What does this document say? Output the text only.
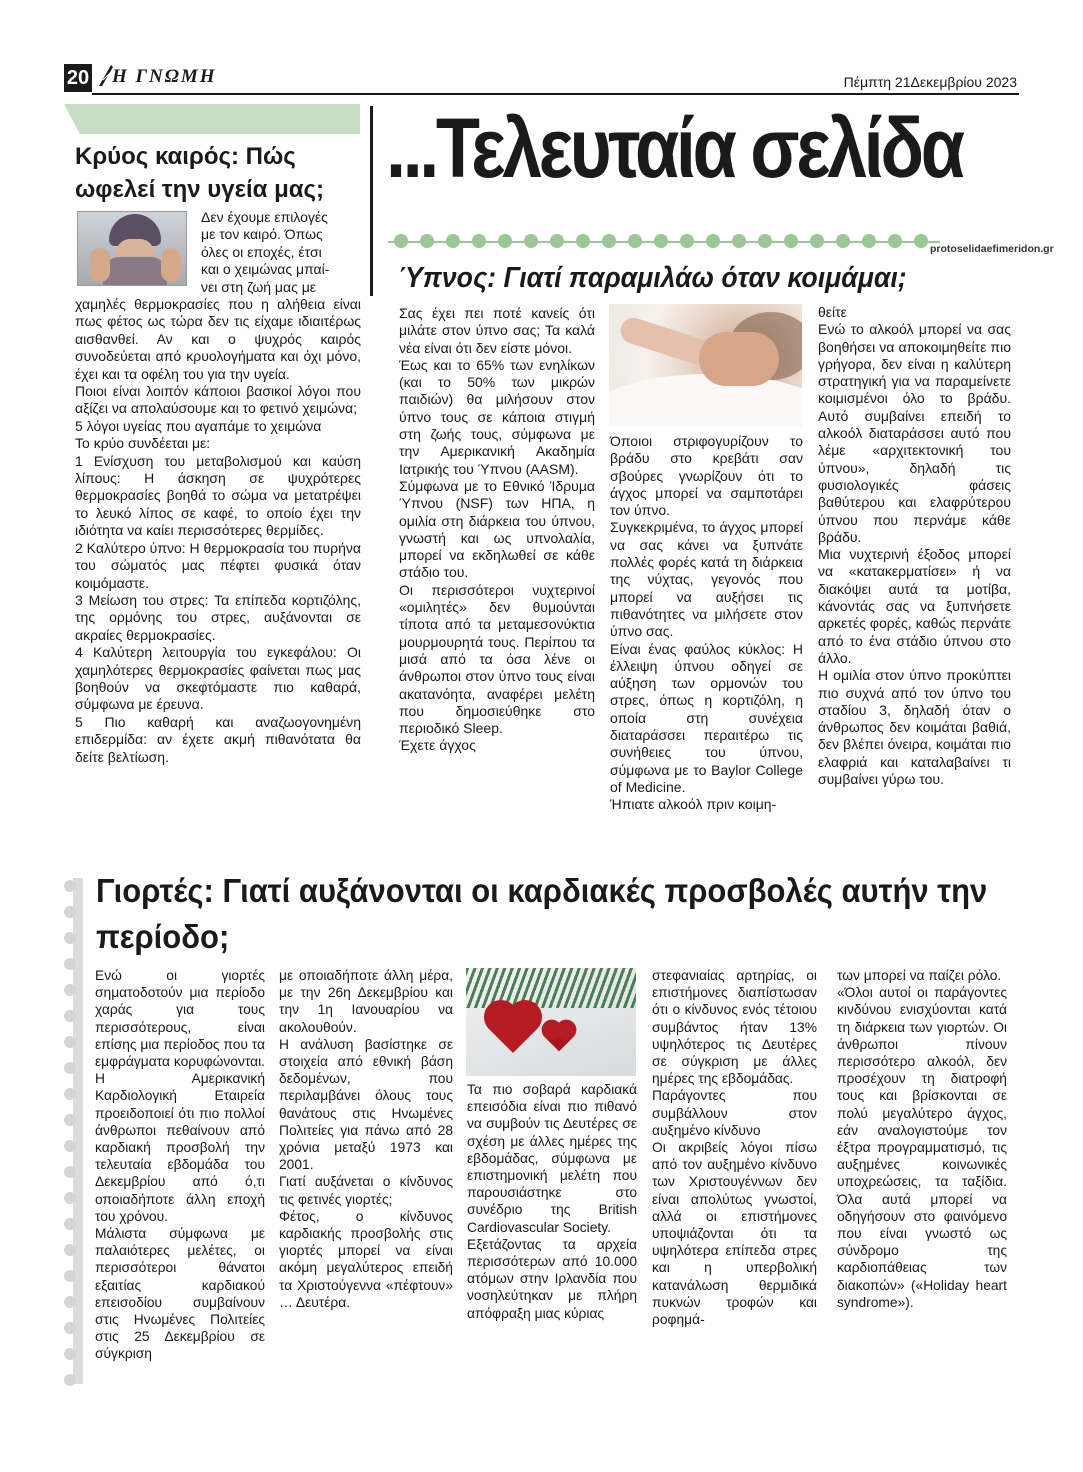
20 Η ΓΝΩΜΗ	Πέμπτη 21Δεκεμβρίου 2023
Κρύος καιρός: Πώς ωφελεί την υγεία μας;

Δεν έχουμε επιλογές

με τον καιρό. Όπως

όλες οι εποχές, έτσι

και ο χειμώνας μπαί-

νει στη ζωή μας με

χαμηλές θερμοκρασίες που η αλήθεια είναι πως φέτος ως τώρα δεν τις είχαμε ιδιαιτέρως αισθανθεί. Αν και ο ψυχρός καιρός συνοδεύεται από κρυολογήματα και όχι μόνο, έχει και τα οφέλη του για την υγεία.

Ποιοι είναι λοιπόν κάποιοι βασικοί λόγοι που αξίζει να απολαύσουμε και το φετινό χειμώνα;

5 λόγοι υγείας που αγαπάμε το χειμώνα

Το κρύο συνδέεται με:

1 Ενίσχυση του μεταβολισμού και καύση λίπους: Η άσκηση σε ψυχρότερες θερμοκρασίες βοηθά το σώμα να μετατρέψει το λευκό λίπος σε καφέ, το οποίο έχει την ιδιότητα να καίει περισσότερες θερμίδες.

2 Καλύτερο ύπνο: Η θερμοκρασία του πυρήνα του σώματός μας πέφτει φυσικά όταν κοιμόμαστε.

3 Μείωση του στρες: Τα επίπεδα κορτιζόλης, της ορμόνης του στρες, αυξάνονται σε ακραίες θερμοκρασίες.

4 Καλύτερη λειτουργία του εγκεφάλου: Οι χαμηλότερες θερμοκρασίες φαίνεται πως μας βοηθούν να σκεφτόμαστε πιο καθαρά, σύμφωνα με έρευνα.

5 Πιο καθαρή και αναζωογονημένη επιδερμίδα: αν έχετε ακμή πιθανότατα θα δείτε βελτίωση.

...Τελευταία σελίδα
protoselidaefimeridon.gr
Ύπνος: Γιατί παραμιλάω όταν κοιμάμαι;

Σας έχει πει ποτέ κανείς ότι μιλάτε στον ύπνο σας; Τα καλά νέα είναι ότι δεν είστε μόνοι.

Έως και το 65% των ενηλίκων (και το 50% των μικρών παιδιών) θα μιλήσουν στον ύπνο τους σε κάποια στιγμή στη ζωής τους, σύμφωνα με την Αμερικανική Ακαδημία Ιατρικής του Ύπνου (AASM).

Σύμφωνα με το Εθνικό Ίδρυμα Ύπνου (NSF) των ΗΠΑ, η ομιλία στη διάρκεια του ύπνου, γνωστή και ως υπνολαλία, μπορεί να εκδηλωθεί σε κάθε στάδιο του.

Οι περισσότεροι νυχτερινοί «ομιλητές» δεν θυμούνται τίποτα από τα μεταμεσονύκτια μουρμουρητά τους. Περίπου τα μισά από τα όσα λένε οι άνθρωποι στον ύπνο τους είναι ακατανόητα, αναφέρει μελέτη που δημοσιεύθηκε στο περιοδικό Sleep.

Έχετε άγχος

Όποιοι στριφογυρίζουν το βράδυ στο κρεβάτι σαν σβούρες γνωρίζουν ότι το άγχος μπορεί να σαμποτάρει τον ύπνο.

Συγκεκριμένα, το άγχος μπορεί να σας κάνει να ξυπνάτε πολλές φορές κατά τη διάρκεια της νύχτας, γεγονός που μπορεί να αυξήσει τις πιθανότητες να μιλήσετε στον ύπνο σας.

Είναι ένας φαύλος κύκλος: Η έλλειψη ύπνου οδηγεί σε αύξηση των ορμονών του στρες, όπως η κορτιζόλη, η οποία στη συνέχεια διαταράσσει περαιτέρω τις συνήθειες του ύπνου, σύμφωνα με το Baylor College of Medicine.

Ήπιατε αλκοόλ πριν κοιμη-

θείτε

Ενώ το αλκοόλ μπορεί να σας βοηθήσει να αποκοιμηθείτε πιο γρήγορα, δεν είναι η καλύτερη στρατηγική για να παραμείνετε κοιμισμένοι όλο το βράδυ. Αυτό συμβαίνει επειδή το αλκοόλ διαταράσσει αυτό που λέμε «αρχιτεκτονική του ύπνου», δηλαδή τις φυσιολογικές φάσεις βαθύτερου και ελαφρύτερου ύπνου που περνάμε κάθε βράδυ.

Μια νυχτερινή έξοδος μπορεί να «κατακερματίσει» ή να διακόψει αυτά τα μοτίβα, κάνοντάς σας να ξυπνήσετε αρκετές φορές, καθώς περνάτε από το ένα στάδιο ύπνου στο άλλο.

Η ομιλία στον ύπνο προκύπτει πιο συχνά από τον ύπνο του σταδίου 3, δηλαδή όταν ο άνθρωπος δεν κοιμάται βαθιά, δεν βλέπει όνειρα, κοιμάται πιο ελαφριά και καταλαβαίνει τι συμβαίνει γύρω του.

Γιορτές: Γιατί αυξάνονται οι καρδιακές προσβολές αυτήν την περίοδο;

Ενώ οι γιορτές σηματοδοτούν μια περίοδο χαράς για τους περισσότερους, είναι επίσης μια περίοδος που τα εμφράγματα κορυφώνονται. Η Αμερικανική Καρδιολογική Εταιρεία προειδοποιεί ότι πιο πολλοί άνθρωποι πεθαίνουν από καρδιακή προσβολή την τελευταία εβδομάδα του Δεκεμβρίου από ό,τι οποιαδήποτε άλλη εποχή του χρόνου.

Μάλιστα σύμφωνα με παλαιότερες μελέτες, οι περισσότεροι θάνατοι εξαιτίας καρδιακού επεισοδίου συμβαίνουν στις Ηνωμένες Πολιτείες στις 25 Δεκεμβρίου σε σύγκριση

με οποιαδήποτε άλλη μέρα, με την 26η Δεκεμβρίου και την 1η Ιανουαρίου να ακολουθούν.

Η ανάλυση βασίστηκε σε στοιχεία από εθνική βάση δεδομένων, που περιλαμβάνει όλους τους θανάτους στις Ηνωμένες Πολιτείες για πάνω από 28 χρόνια μεταξύ 1973 και 2001.

Γιατί αυξάνεται ο κίνδυνος τις φετινές γιορτές;

Φέτος, ο κίνδυνος καρδιακής προσβολής στις γιορτές μπορεί να είναι ακόμη μεγαλύτερος επειδή τα Χριστούγεννα «πέφτουν» … Δευτέρα.

Τα πιο σοβαρά καρδιακά επεισόδια είναι πιο πιθανό να συμβούν τις Δευτέρες σε σχέση με άλλες ημέρες της εβδομάδας, σύμφωνα με επιστημονική μελέτη που παρουσιάστηκε στο συνέδριο της British Cardiovascular Society.

Εξετάζοντας τα αρχεία περισσότερων από 10.000 ατόμων στην Ιρλανδία που νοσηλεύτηκαν με πλήρη απόφραξη μιας κύριας

στεφανιαίας αρτηρίας, οι επιστήμονες διαπίστωσαν ότι ο κίνδυνος ενός τέτοιου συμβάντος ήταν 13% υψηλότερος τις Δευτέρες σε σύγκριση με άλλες ημέρες της εβδομάδας.

Παράγοντες που συμβάλλουν στον αυξημένο κίνδυνο

Οι ακριβείς λόγοι πίσω από τον αυξημένο κίνδυνο των Χριστουγέννων δεν είναι απολύτως γνωστοί, αλλά οι επιστήμονες υποψιάζονται ότι τα υψηλότερα επίπεδα στρες και η υπερβολική κατανάλωση θερμιδικά πυκνών τροφών και ροφημά-

των μπορεί να παίζει ρόλο.

«Όλοι αυτοί οι παράγοντες κινδύνου ενισχύονται κατά τη διάρκεια των γιορτών. Οι άνθρωποι πίνουν περισσότερο αλκοόλ, δεν προσέχουν τη διατροφή τους και βρίσκονται σε πολύ μεγαλύτερο άγχος, εάν αναλογιστούμε τον έξτρα προγραμματισμό, τις αυξημένες κοινωνικές υποχρεώσεις, τα ταξίδια. Όλα αυτά μπορεί να οδηγήσουν στο φαινόμενο που είναι γνωστό ως σύνδρομο της καρδιοπάθειας των διακοπών» («Holiday heart syndrome»).
